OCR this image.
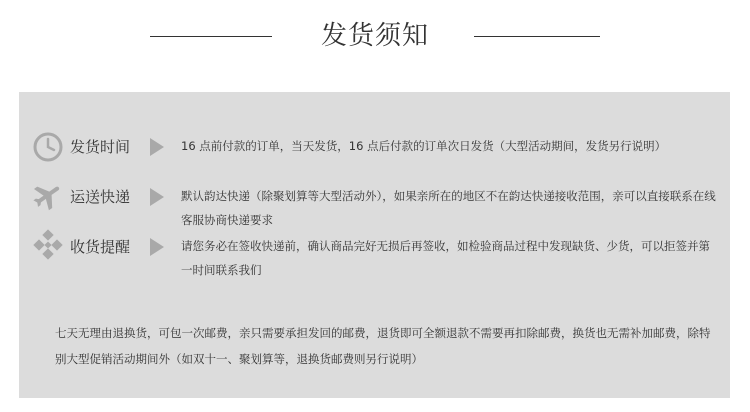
发货须知
发货时间	16 点前付款的订单，当天发货，16 点后付款的订单次日发货（大型活动期间，发货另行说明）
运送快递	默认韵达快递（除聚划算等大型活动外），如果亲所在的地区不在韵达快递接收范围，亲可以直接联系在线客服协商快递要求
收货提醒	请您务必在签收快递前，确认商品完好无损后再签收，如检验商品过程中发现缺货、少货，可以拒签并第一时间联系我们
七天无理由退换货，可包一次邮费，亲只需要承担发回的邮费，退货即可全额退款不需要再扣除邮费，换货也无需补加邮费，除特别大型促销活动期间外（如双十一、聚划算等，退换货邮费则另行说明）
